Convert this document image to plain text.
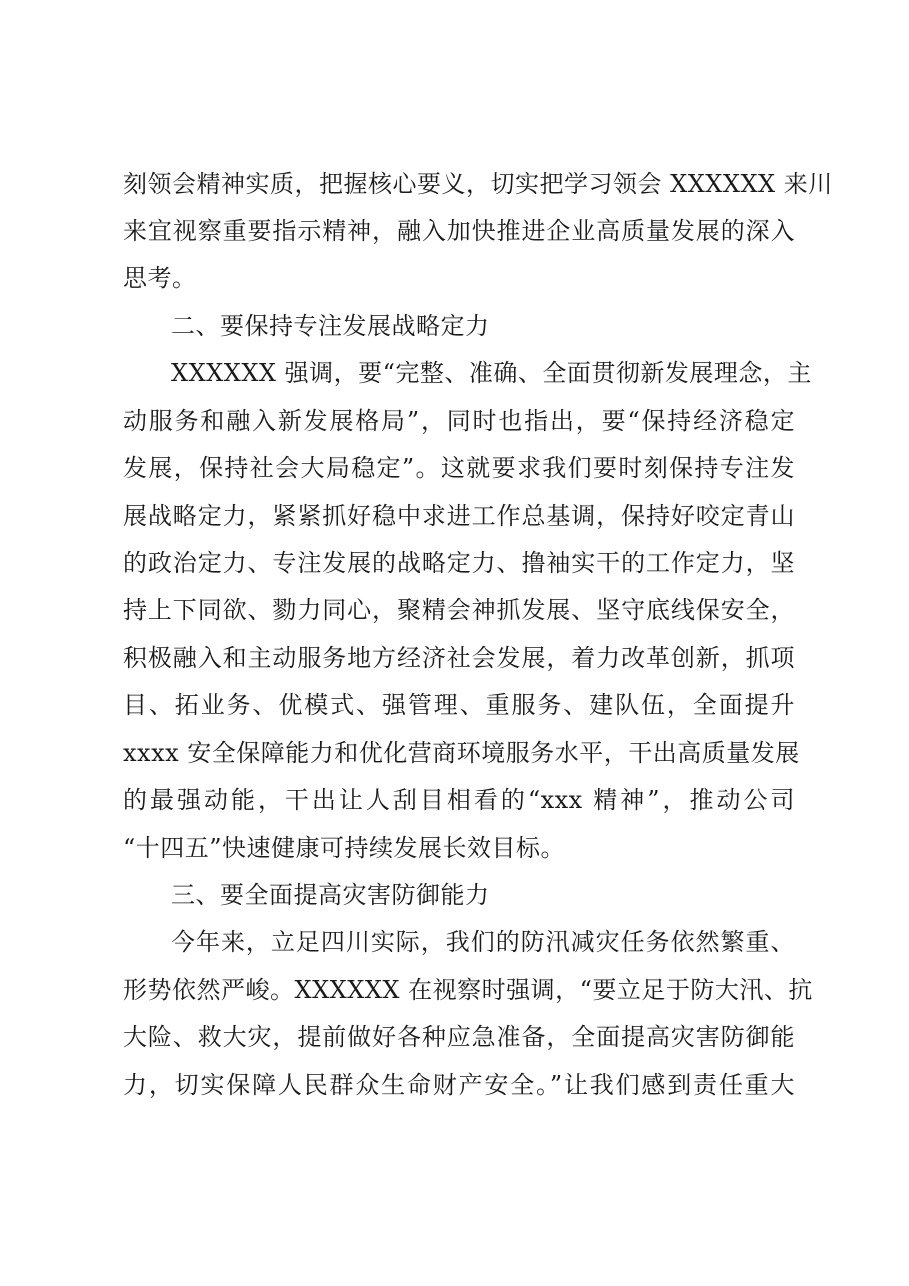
刻领会精神实质，把握核心要义，切实把学习领会 XXXXXX 来川
来宜视察重要指示精神，融入加快推进企业高质量发展的深入
思考。
二、要保持专注发展战略定力
XXXXXX 强调，要“完整、准确、全面贯彻新发展理念，主
动服务和融入新发展格局”，同时也指出，要“保持经济稳定
发展，保持社会大局稳定”。这就要求我们要时刻保持专注发
展战略定力，紧紧抓好稳中求进工作总基调，保持好咬定青山
的政治定力、专注发展的战略定力、撸袖实干的工作定力，坚
持上下同欲、勠力同心，聚精会神抓发展、坚守底线保安全，
积极融入和主动服务地方经济社会发展，着力改革创新，抓项
目、拓业务、优模式、强管理、重服务、建队伍，全面提升
xxxx 安全保障能力和优化营商环境服务水平，干出高质量发展
的最强动能，干出让人刮目相看的“xxx 精神”，推动公司
“十四五”快速健康可持续发展长效目标。
三、要全面提高灾害防御能力
今年来，立足四川实际，我们的防汛减灾任务依然繁重、
形势依然严峻。XXXXXX 在视察时强调，“要立足于防大汛、抗
大险、救大灾，提前做好各种应急准备，全面提高灾害防御能
力，切实保障人民群众生命财产安全。”让我们感到责任重大
